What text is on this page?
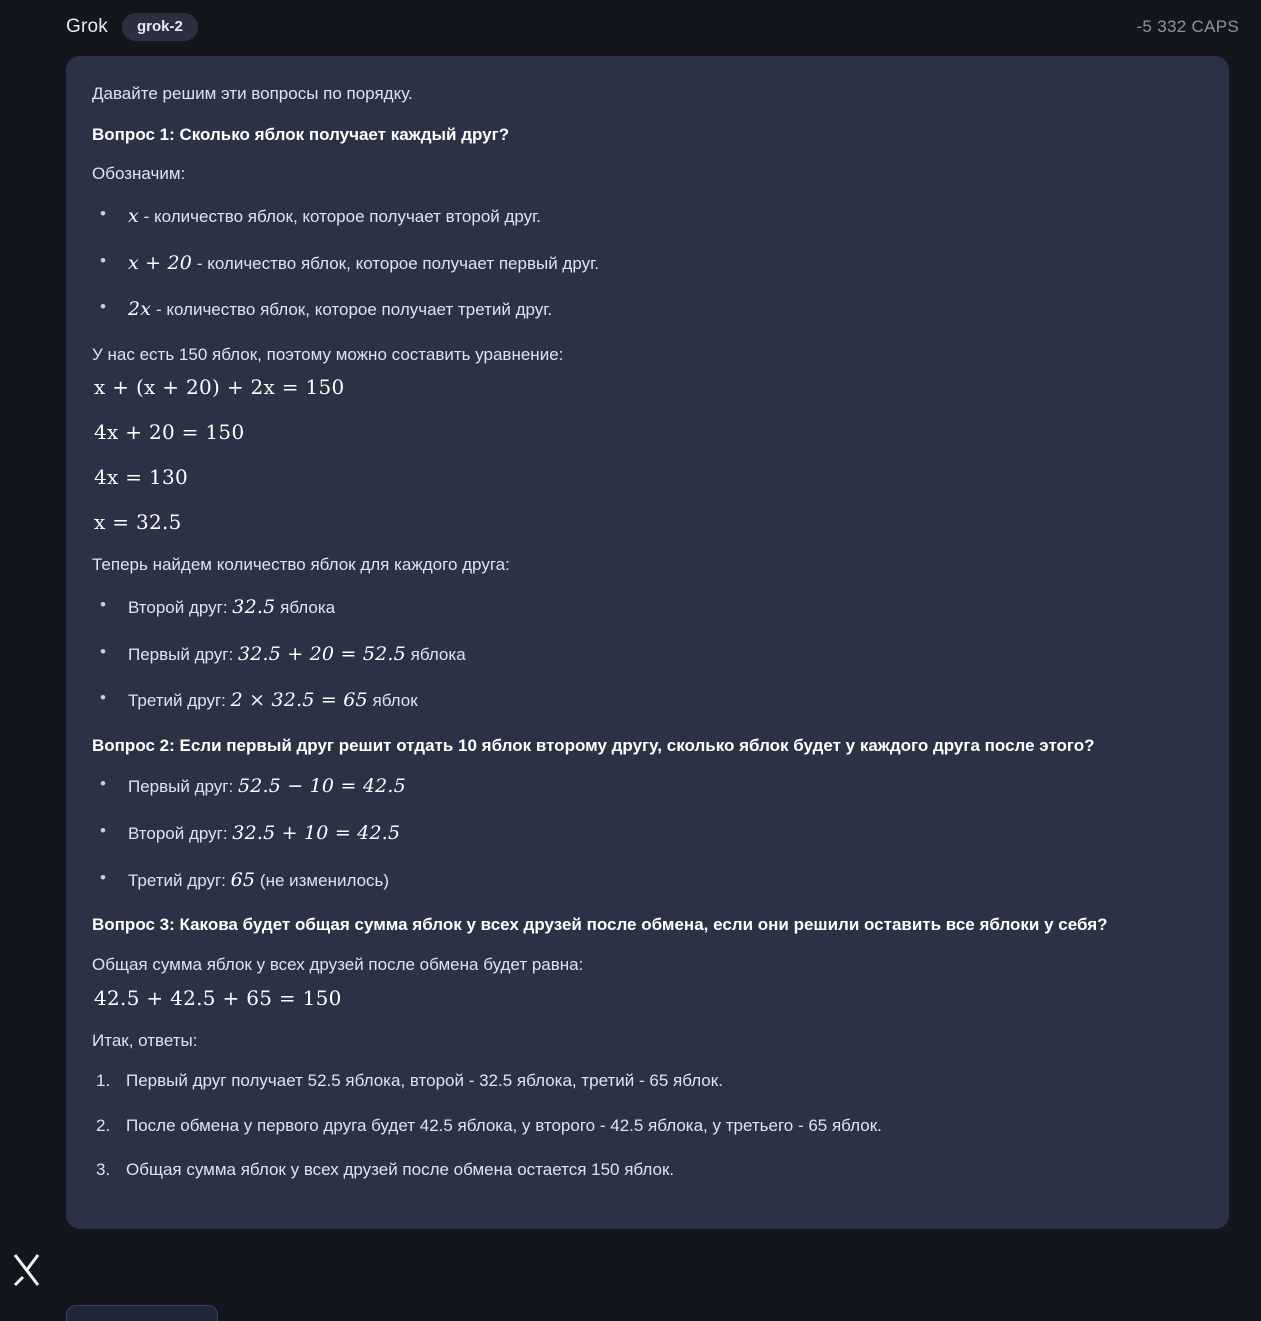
Grok	grok-2	-5 332 CAPS

Давайте решим эти вопросы по порядку.

Вопрос 1: Сколько яблок получает каждый друг?

Обозначим:

• x - количество яблок, которое получает второй друг.
• x + 20 - количество яблок, которое получает первый друг.
• 2x - количество яблок, которое получает третий друг.

У нас есть 150 яблок, поэтому можно составить уравнение:

x + (x + 20) + 2x = 150
4x + 20 = 150
4x = 130
x = 32.5

Теперь найдем количество яблок для каждого друга:

• Второй друг: 32.5 яблока
• Первый друг: 32.5 + 20 = 52.5 яблока
• Третий друг: 2 × 32.5 = 65 яблок

Вопрос 2: Если первый друг решит отдать 10 яблок второму другу, сколько яблок будет у каждого друга после этого?

• Первый друг: 52.5 − 10 = 42.5
• Второй друг: 32.5 + 10 = 42.5
• Третий друг: 65 (не изменилось)

Вопрос 3: Какова будет общая сумма яблок у всех друзей после обмена, если они решили оставить все яблоки у себя?

Общая сумма яблок у всех друзей после обмена будет равна:

42.5 + 42.5 + 65 = 150

Итак, ответы:

Первый друг получает 52.5 яблока, второй - 32.5 яблока, третий - 65 яблок.
После обмена у первого друга будет 42.5 яблока, у второго - 42.5 яблока, у третьего - 65 яблок.
Общая сумма яблок у всех друзей после обмена остается 150 яблок.
